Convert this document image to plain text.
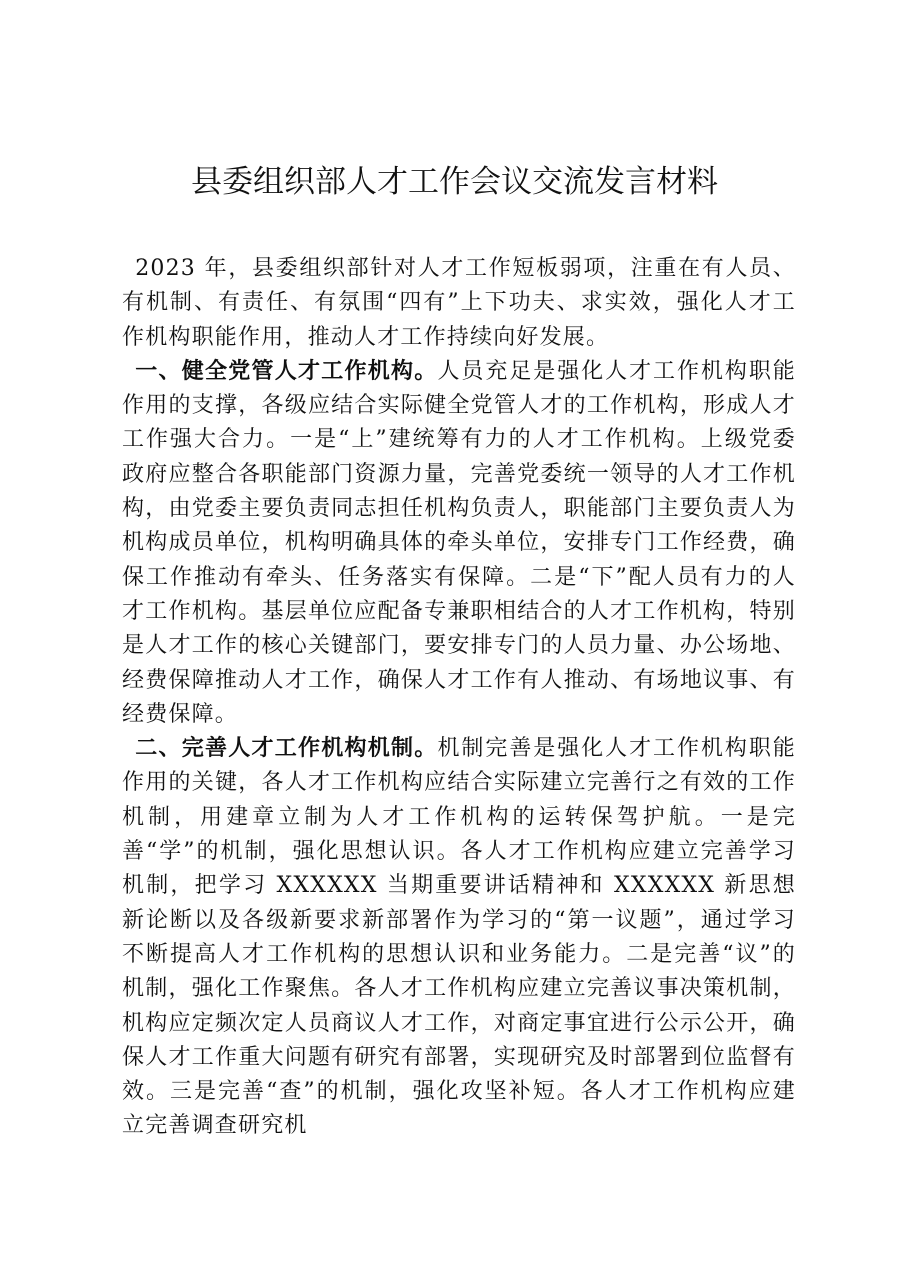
县委组织部人才工作会议交流发言材料

2023 年，县委组织部针对人才工作短板弱项，注重在有人员、有机制、有责任、有氛围“四有”上下功夫、求实效，强化人才工作机构职能作用，推动人才工作持续向好发展。

一、健全党管人才工作机构。人员充足是强化人才工作机构职能作用的支撑，各级应结合实际健全党管人才的工作机构，形成人才工作强大合力。一是“上”建统筹有力的人才工作机构。上级党委政府应整合各职能部门资源力量，完善党委统一领导的人才工作机构，由党委主要负责同志担任机构负责人，职能部门主要负责人为机构成员单位，机构明确具体的牵头单位，安排专门工作经费，确保工作推动有牵头、任务落实有保障。二是“下”配人员有力的人才工作机构。基层单位应配备专兼职相结合的人才工作机构，特别是人才工作的核心关键部门，要安排专门的人员力量、办公场地、经费保障推动人才工作，确保人才工作有人推动、有场地议事、有经费保障。

二、完善人才工作机构机制。机制完善是强化人才工作机构职能作用的关键，各人才工作机构应结合实际建立完善行之有效的工作机制，用建章立制为人才工作机构的运转保驾护航。一是完善“学”的机制，强化思想认识。各人才工作机构应建立完善学习机制，把学习 XXXXXX 当期重要讲话精神和 XXXXXX 新思想新论断以及各级新要求新部署作为学习的“第一议题”，通过学习不断提高人才工作机构的思想认识和业务能力。二是完善“议”的机制，强化工作聚焦。各人才工作机构应建立完善议事决策机制，机构应定频次定人员商议人才工作，对商定事宜进行公示公开，确保人才工作重大问题有研究有部署，实现研究及时部署到位监督有效。三是完善“查”的机制，强化攻坚补短。各人才工作机构应建立完善调查研究机
